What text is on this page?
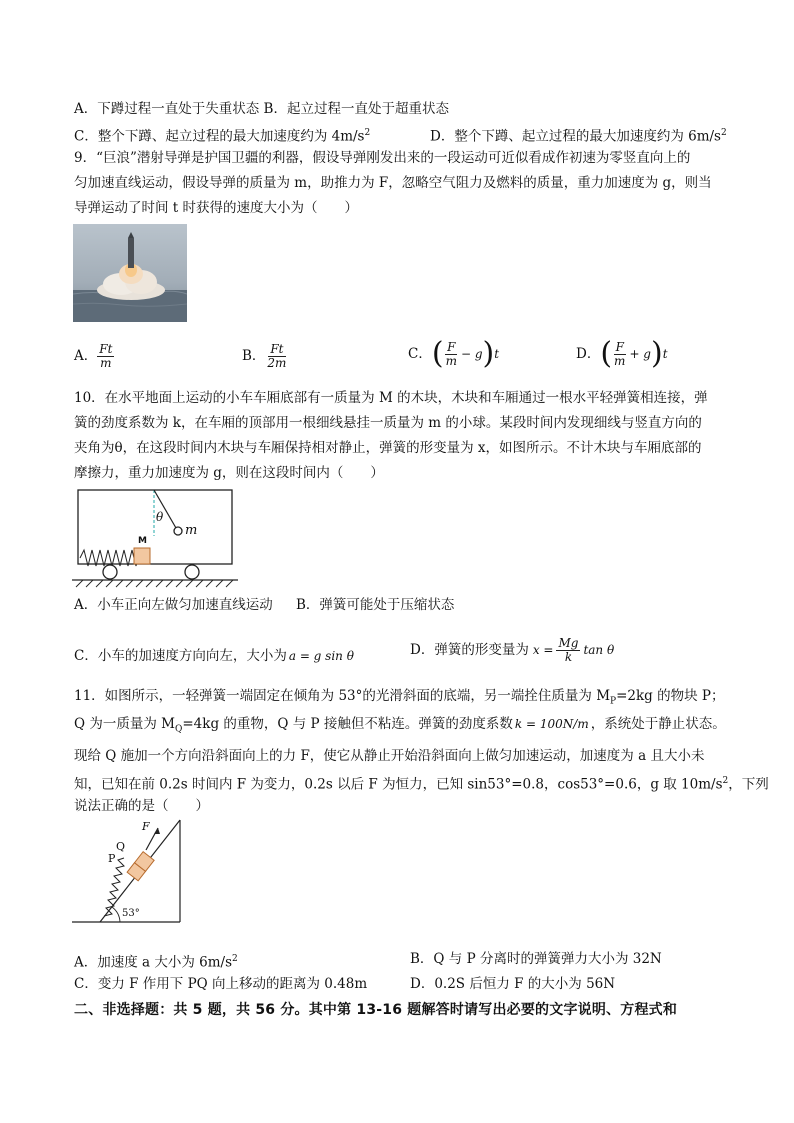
A．下蹲过程一直处于失重状态 B．起立过程一直处于超重状态
C．整个下蹲、起立过程的最大加速度约为 $4m/s^2$	D．整个下蹲、起立过程的最大加速度约为 $6m/s^2$
9．“巨浪”潜射导弹是护国卫疆的利器，假设导弹刚发出来的一段运动可近似看成作初速为零竖直向上的
匀加速直线运动，假设导弹的质量为 m，助推力为 F，忽略空气阻力及燃料的质量，重力加速度为 g，则当
导弹运动了时间 t 时获得的速度大小为（　　）
A． $\frac{Ft}{m}$	B． $\frac{Ft}{2m}$	C． ( $\frac{F}{m} - g$ ) t	D． ( $\frac{F}{m} + g$ ) t
10．在水平地面上运动的小车车厢底部有一质量为 M 的木块，木块和车厢通过一根水平轻弹簧相连接，弹
簧的劲度系数为 k，在车厢的顶部用一根细线悬挂一质量为 m 的小球。某段时间内发现细线与竖直方向的
夹角为θ，在这段时间内木块与车厢保持相对静止，弹簧的形变量为 x，如图所示。不计木块与车厢底部的
摩擦力，重力加速度为 g，则在这段时间内（　　）
M
θ
m
A．小车正向左做匀加速直线运动 B．弹簧可能处于压缩状态
C．小车的加速度方向向左，大小为 a = g sin θ	D．弹簧的形变量为 $x = \frac{Mg}{k}$ tan θ
11．如图所示，一轻弹簧一端固定在倾角为 53°的光滑斜面的底端，另一端拴住质量为 $M_P=2kg$ 的物块 P；
Q 为一质量为 $M_Q=4kg$ 的重物，Q 与 P 接触但不粘连。弹簧的劲度系数 k = 100N/m ，系统处于静止状态。
现给 Q 施加一个方向沿斜面向上的力 F，使它从静止开始沿斜面向上做匀加速运动，加速度为 a 且大小未
知，已知在前 0.2s 时间内 F 为变力，0.2s 以后 F 为恒力，已知 sin53°=0.8，cos53°=0.6，g 取 $10m/s^2$，下列
说法正确的是（　　）
F
Q
P
53°
A．加速度 a 大小为 $6m/s^2$	B．Q 与 P 分离时的弹簧弹力大小为 32N
C．变力 F 作用下 PQ 向上移动的距离为 0.48m	D．0.2S 后恒力 F 的大小为 56N
二、非选择题：共 5 题，共 56 分。其中第 13-16 题解答时请写出必要的文字说明、方程式和
